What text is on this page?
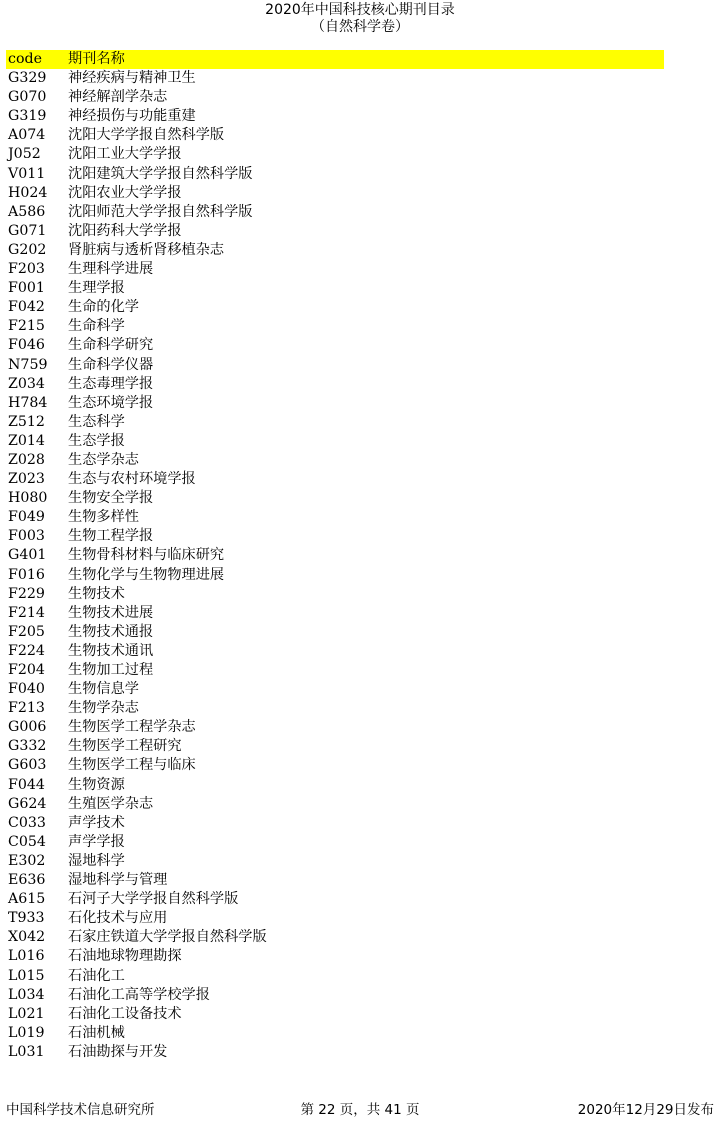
2020年中国科技核心期刊目录
（自然科学卷）
code	期刊名称
G329	神经疾病与精神卫生
G070	神经解剖学杂志
G319	神经损伤与功能重建
A074	沈阳大学学报自然科学版
J052	沈阳工业大学学报
V011	沈阳建筑大学学报自然科学版
H024	沈阳农业大学学报
A586	沈阳师范大学学报自然科学版
G071	沈阳药科大学学报
G202	肾脏病与透析肾移植杂志
F203	生理科学进展
F001	生理学报
F042	生命的化学
F215	生命科学
F046	生命科学研究
N759	生命科学仪器
Z034	生态毒理学报
H784	生态环境学报
Z512	生态科学
Z014	生态学报
Z028	生态学杂志
Z023	生态与农村环境学报
H080	生物安全学报
F049	生物多样性
F003	生物工程学报
G401	生物骨科材料与临床研究
F016	生物化学与生物物理进展
F229	生物技术
F214	生物技术进展
F205	生物技术通报
F224	生物技术通讯
F204	生物加工过程
F040	生物信息学
F213	生物学杂志
G006	生物医学工程学杂志
G332	生物医学工程研究
G603	生物医学工程与临床
F044	生物资源
G624	生殖医学杂志
C033	声学技术
C054	声学学报
E302	湿地科学
E636	湿地科学与管理
A615	石河子大学学报自然科学版
T933	石化技术与应用
X042	石家庄铁道大学学报自然科学版
L016	石油地球物理勘探
L015	石油化工
L034	石油化工高等学校学报
L021	石油化工设备技术
L019	石油机械
L031	石油勘探与开发
第 22 页，共 41 页
中国科学技术信息研究所	2020年12月29日发布
